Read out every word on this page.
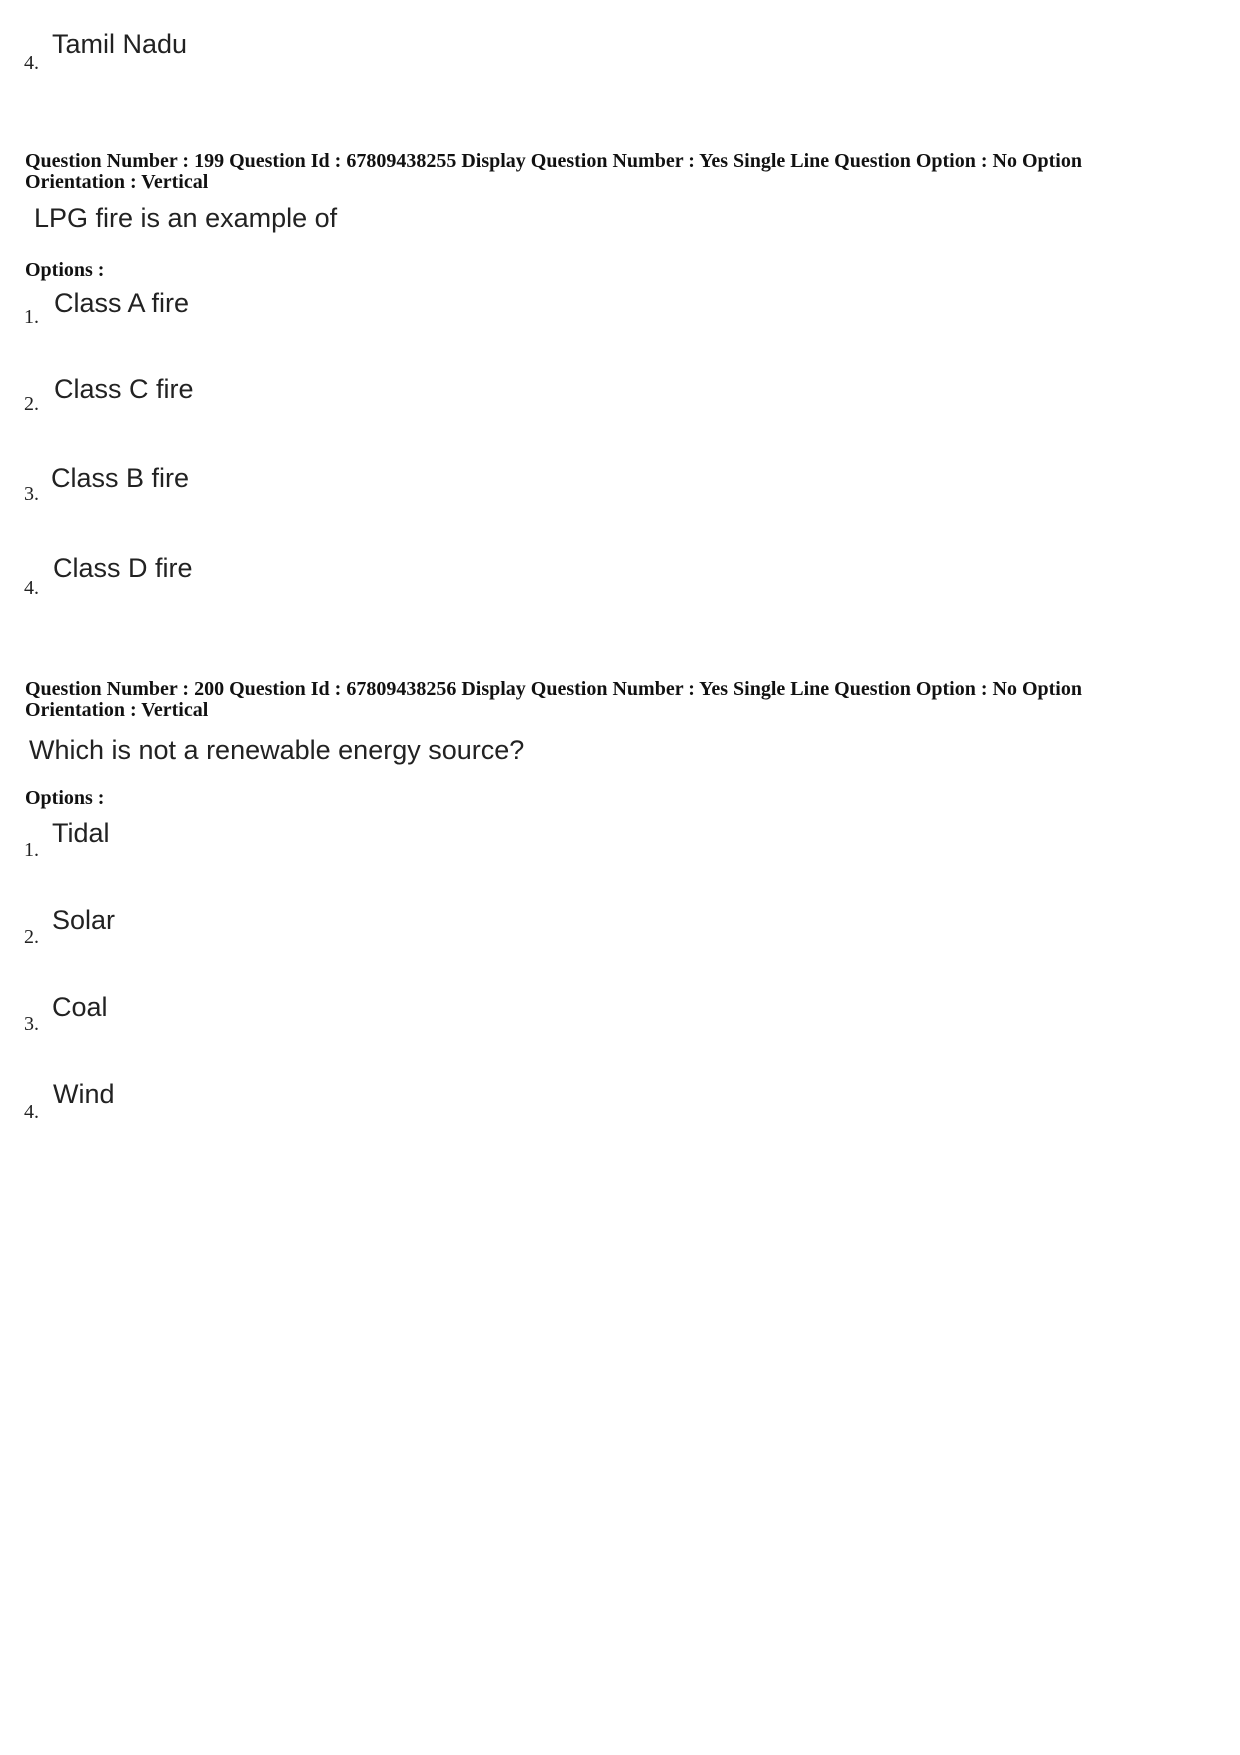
4.
Tamil Nadu
Question Number : 199 Question Id : 67809438255 Display Question Number : Yes Single Line Question Option : No Option
Orientation : Vertical
LPG fire is an example of
Options :
1. Class A fire
2. Class C fire
3.
Class B fire
4.
Class D fire
Question Number : 200 Question Id : 67809438256 Display Question Number : Yes Single Line Question Option : No Option
Orientation : Vertical
Which is not a renewable energy source?
Options :
1.
Tidal
2.
Solar
3.
Coal
4.
Wind
